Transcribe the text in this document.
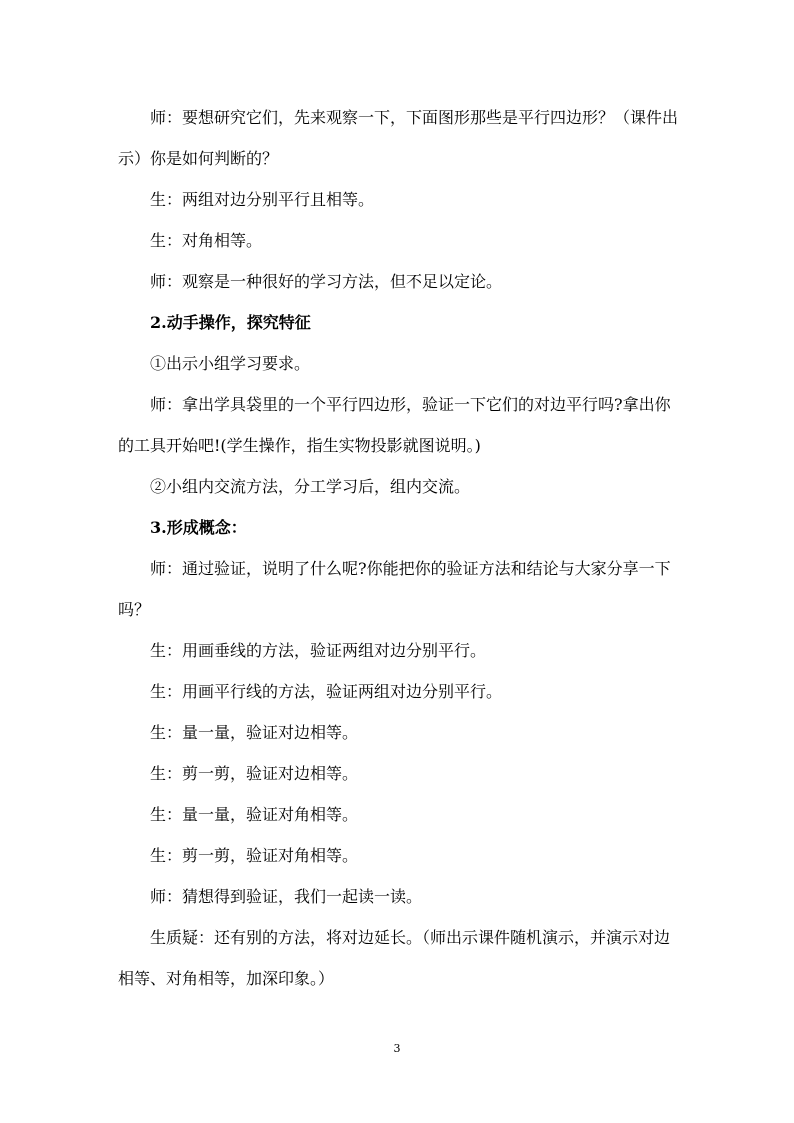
师：要想研究它们，先来观察一下，下面图形那些是平行四边形？（课件出示）你是如何判断的？

生：两组对边分别平行且相等。

生：对角相等。

师：观察是一种很好的学习方法，但不足以定论。

2.动手操作，探究特征

①出示小组学习要求。

师：拿出学具袋里的一个平行四边形，验证一下它们的对边平行吗?拿出你的工具开始吧!(学生操作，指生实物投影就图说明。)

②小组内交流方法，分工学习后，组内交流。

3.形成概念：

师：通过验证，说明了什么呢?你能把你的验证方法和结论与大家分享一下吗？

生：用画垂线的方法，验证两组对边分别平行。

生：用画平行线的方法，验证两组对边分别平行。

生：量一量，验证对边相等。

生：剪一剪，验证对边相等。

生：量一量，验证对角相等。

生：剪一剪，验证对角相等。

师：猜想得到验证，我们一起读一读。

生质疑：还有别的方法，将对边延长。（师出示课件随机演示，并演示对边相等、对角相等，加深印象。）

3
